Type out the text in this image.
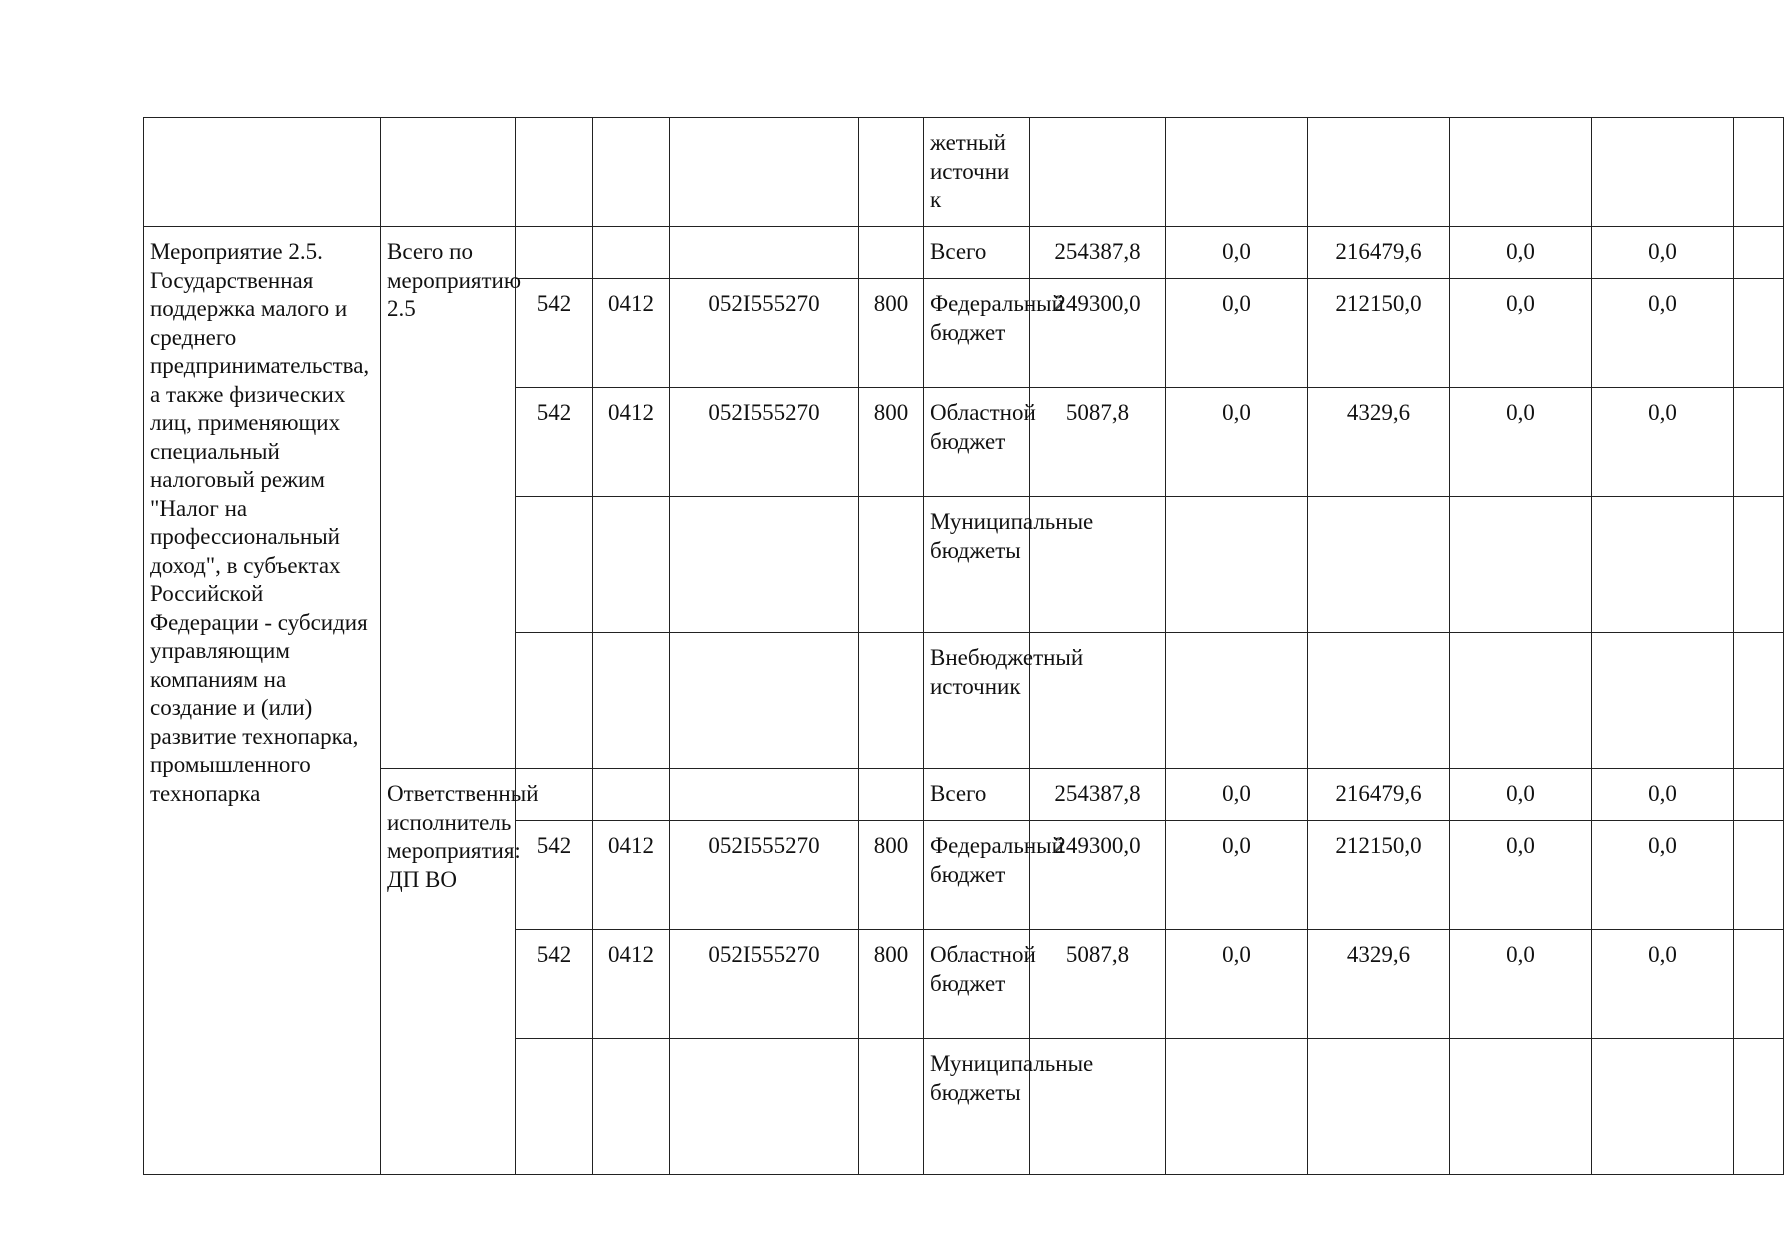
						жетный источни к						
Мероприятие 2.5. Государственная поддержка малого и среднего предпринимательства, а также физических лиц, применяющих специальный налоговый режим "Налог на профессиональный доход", в субъектах Российской Федерации - субсидия управляющим компаниям на создание и (или) развитие технопарка, промышленного технопарка	Всего по мероприятию 2.5					Всего	254387,8	0,0	216479,6	0,0	0,0	
		542	0412	052I555270	800	Федеральный бюджет	249300,0	0,0	212150,0	0,0	0,0	
		542	0412	052I555270	800	Областной бюджет	5087,8	0,0	4329,6	0,0	0,0	
						Муниципальные бюджеты						
						Внебюджетный источник						
	Ответственный исполнитель мероприятия: ДП ВО					Всего	254387,8	0,0	216479,6	0,0	0,0	
		542	0412	052I555270	800	Федеральный бюджет	249300,0	0,0	212150,0	0,0	0,0	
		542	0412	052I555270	800	Областной бюджет	5087,8	0,0	4329,6	0,0	0,0	
						Муниципальные бюджеты						
